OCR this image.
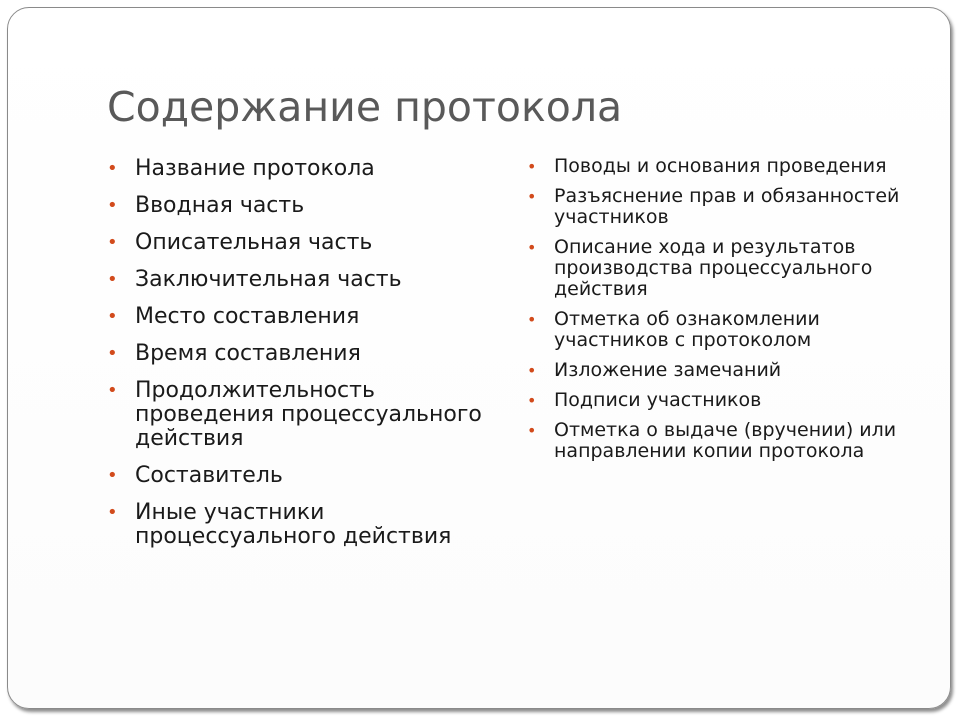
Содержание протокола
• Название протокола
• Вводная часть
• Описательная часть
• Заключительная часть
• Место составления
• Время составления
• Продолжительность проведения процессуального действия
• Составитель
• Иные участники процессуального действия
• Поводы и основания проведения
• Разъяснение прав и обязанностей участников
• Описание хода и результатов производства процессуального действия
• Отметка об ознакомлении участников с протоколом
• Изложение замечаний
• Подписи участников
• Отметка о выдаче (вручении) или направлении копии протокола
